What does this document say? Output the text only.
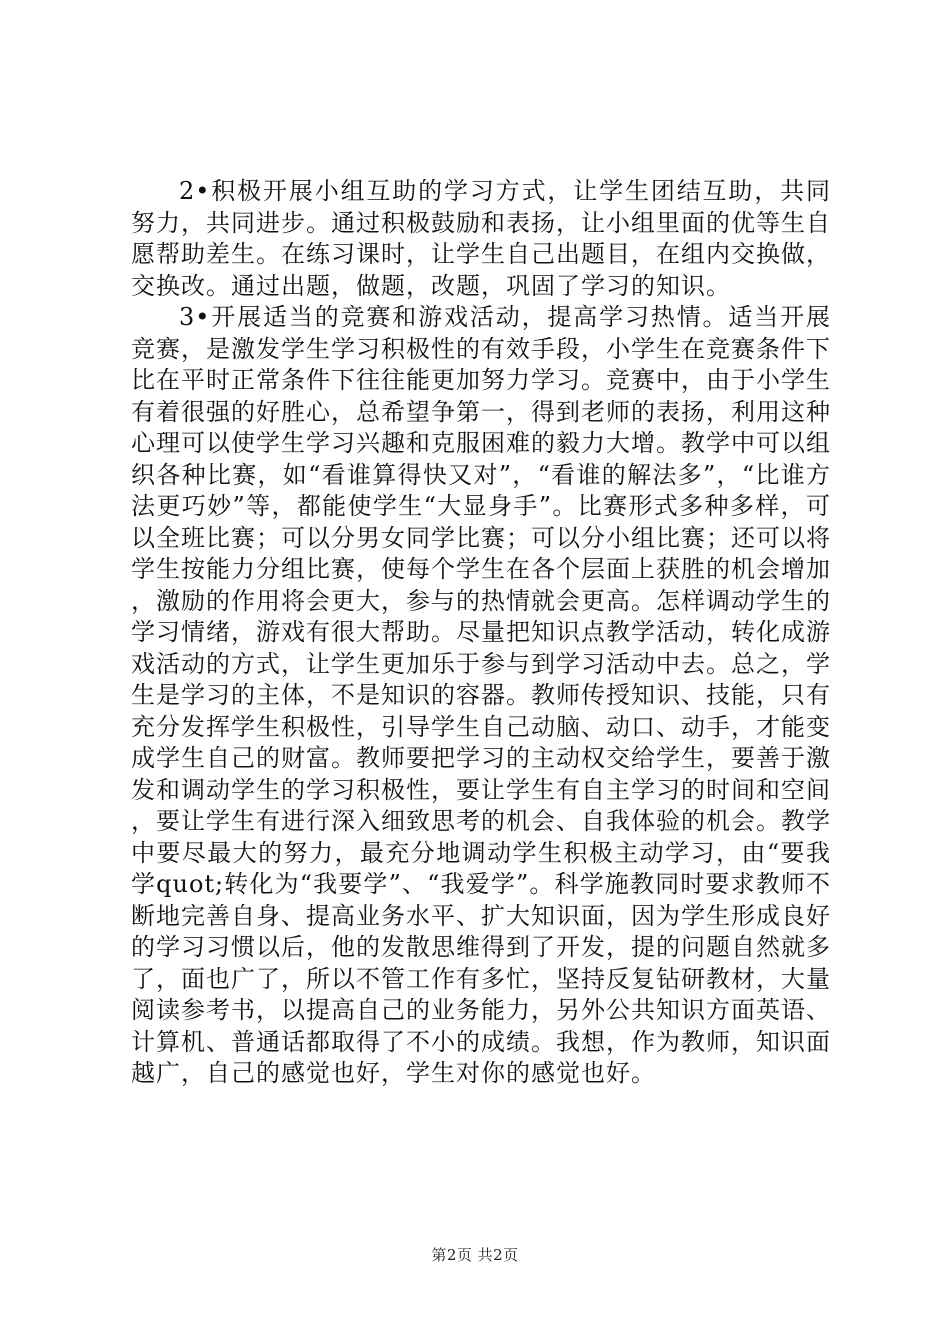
2•积极开展小组互助的学习方式，让学生团结互助，共同努力，共同进步。通过积极鼓励和表扬，让小组里面的优等生自愿帮助差生。在练习课时，让学生自己出题目，在组内交换做，交换改。通过出题，做题，改题，巩固了学习的知识。

3•开展适当的竞赛和游戏活动，提高学习热情。适当开展竞赛，是激发学生学习积极性的有效手段，小学生在竞赛条件下比在平时正常条件下往往能更加努力学习。竞赛中，由于小学生有着很强的好胜心，总希望争第一，得到老师的表扬，利用这种心理可以使学生学习兴趣和克服困难的毅力大增。教学中可以组织各种比赛，如“看谁算得快又对”，“看谁的解法多”，“比谁方法更巧妙”等，都能使学生“大显身手”。比赛形式多种多样，可以全班比赛；可以分男女同学比赛；可以分小组比赛；还可以将学生按能力分组比赛，使每个学生在各个层面上获胜的机会增加，激励的作用将会更大，参与的热情就会更高。怎样调动学生的学习情绪，游戏有很大帮助。尽量把知识点教学活动，转化成游戏活动的方式，让学生更加乐于参与到学习活动中去。总之，学生是学习的主体，不是知识的容器。教师传授知识、技能，只有充分发挥学生积极性，引导学生自己动脑、动口、动手，才能变成学生自己的财富。教师要把学习的主动权交给学生，要善于激发和调动学生的学习积极性，要让学生有自主学习的时间和空间，要让学生有进行深入细致思考的机会、自我体验的机会。教学中要尽最大的努力，最充分地调动学生积极主动学习，由“要我学quot;转化为“我要学”、“我爱学”。科学施教同时要求教师不断地完善自身、提高业务水平、扩大知识面，因为学生形成良好的学习习惯以后，他的发散思维得到了开发，提的问题自然就多了，面也广了，所以不管工作有多忙，坚持反复钻研教材，大量阅读参考书，以提高自己的业务能力，另外公共知识方面英语、计算机、普通话都取得了不小的成绩。我想，作为教师，知识面越广，自己的感觉也好，学生对你的感觉也好。

第2页 共2页
